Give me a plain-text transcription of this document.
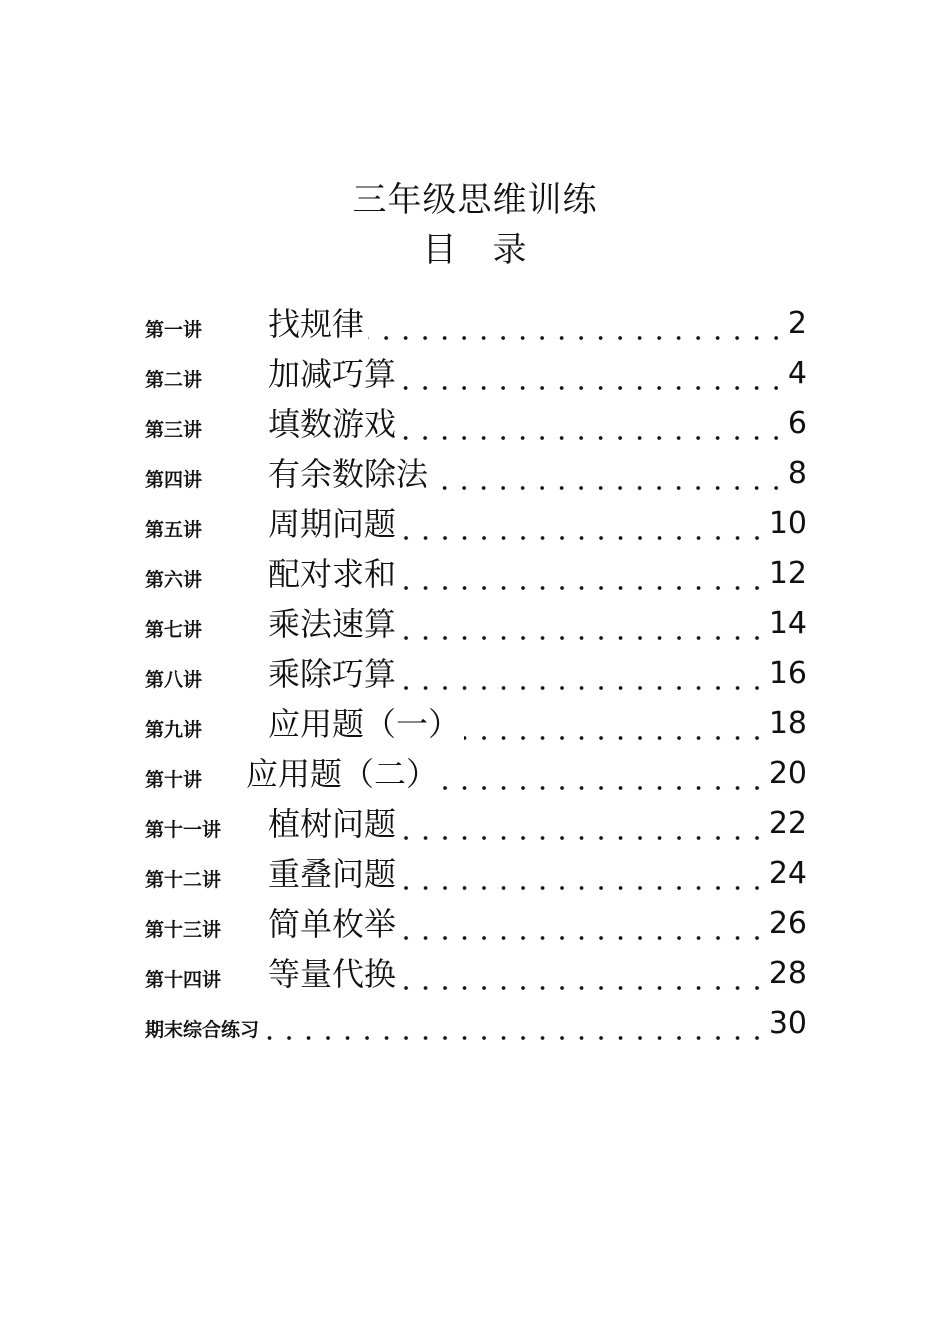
三年级思维训练
目　录
第一讲	找规律	2
第二讲	加减巧算	4
第三讲	填数游戏	6
第四讲	有余数除法	8
第五讲	周期问题	10
第六讲	配对求和	12
第七讲	乘法速算	14
第八讲	乘除巧算	16
第九讲	应用题（一）	18
第十讲	应用题（二）	20
第十一讲	植树问题	22
第十二讲	重叠问题	24
第十三讲	简单枚举	26
第十四讲	等量代换	28
期末综合练习	30
